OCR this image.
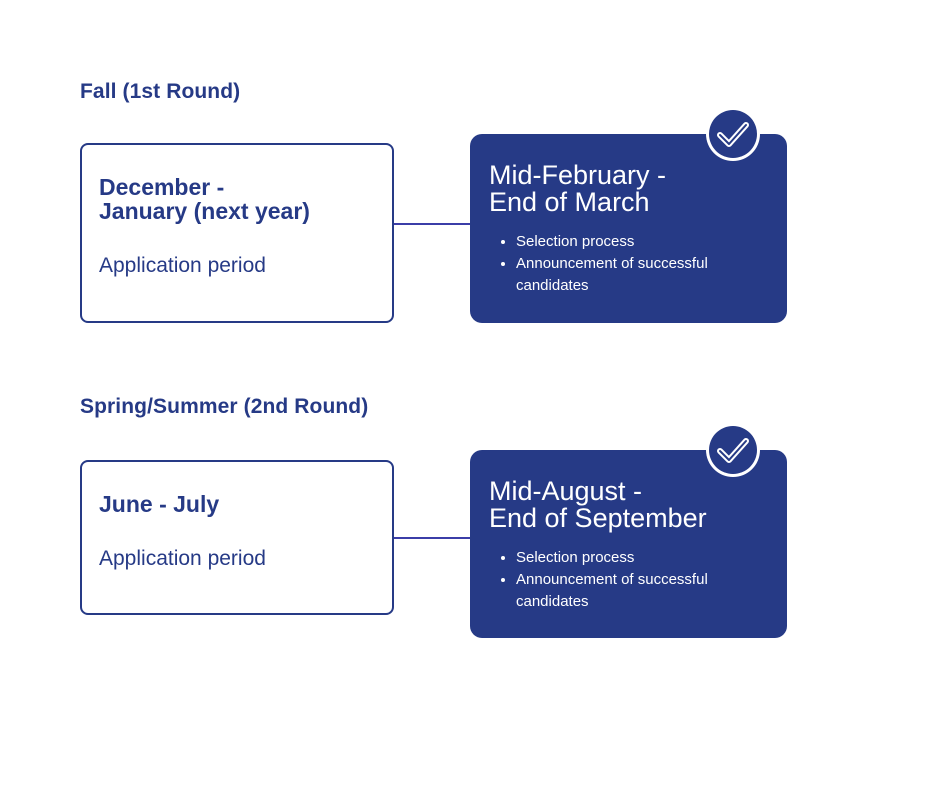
Fall (1st Round)
December -
January (next year)
Application period
Mid-February -
End of March
• Selection process
• Announcement of successful candidates
Spring/Summer (2nd Round)
June - July
Application period
Mid-August -
End of September
• Selection process
• Announcement of successful candidates
